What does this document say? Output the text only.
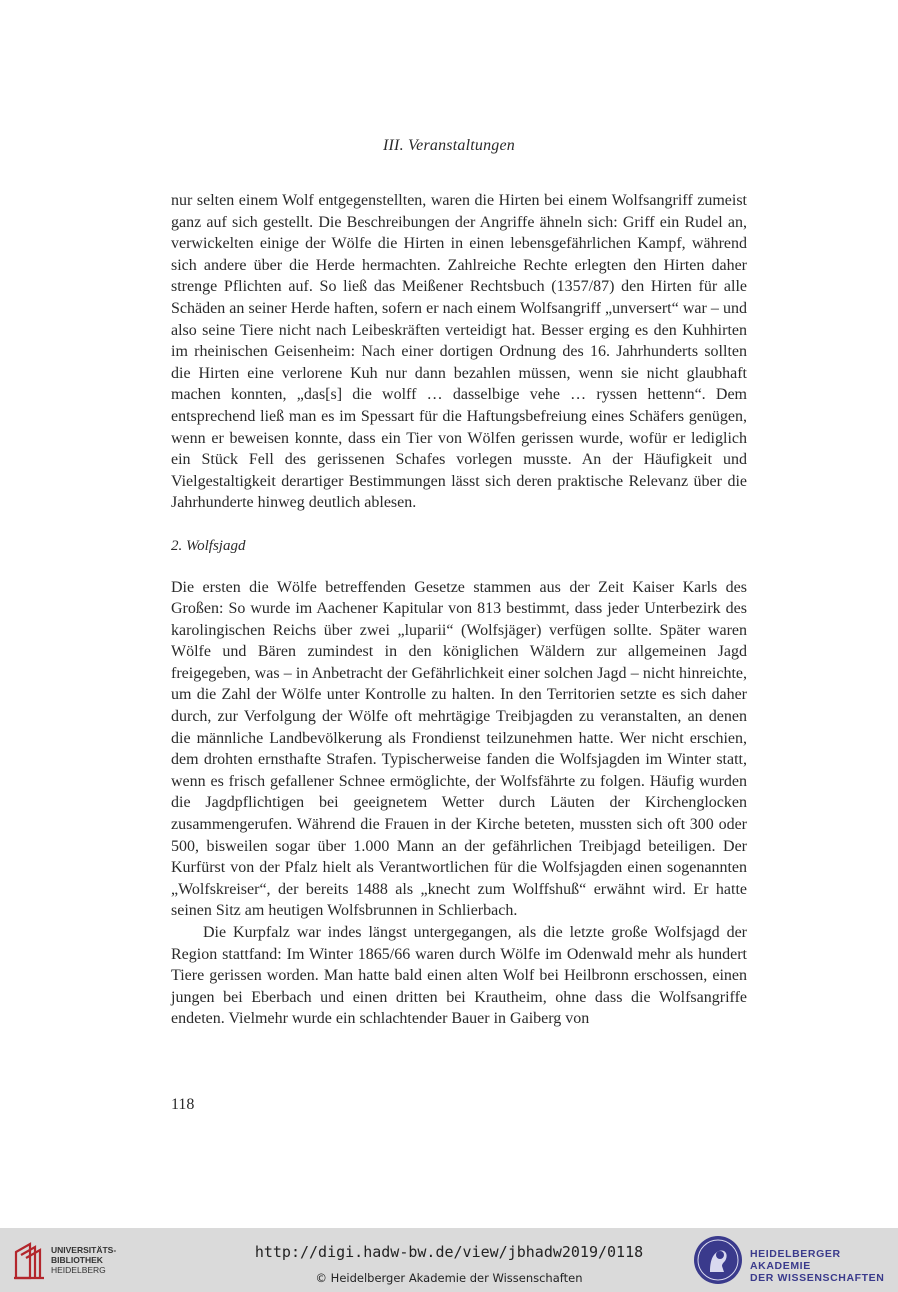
III. Veranstaltungen

nur selten einem Wolf entgegenstellten, waren die Hirten bei einem Wolfsangriff zumeist ganz auf sich gestellt. Die Beschreibungen der Angriffe ähneln sich: Griff ein Rudel an, verwickelten einige der Wölfe die Hirten in einen lebensgefährlichen Kampf, während sich andere über die Herde hermachten. Zahlreiche Rechte erlegten den Hirten daher strenge Pflichten auf. So ließ das Meißener Rechtsbuch (1357/87) den Hirten für alle Schäden an seiner Herde haften, sofern er nach einem Wolfsangriff „unversert“ war – und also seine Tiere nicht nach Leibeskräften verteidigt hat. Besser erging es den Kuhhirten im rheinischen Geisenheim: Nach einer dortigen Ordnung des 16. Jahrhunderts sollten die Hirten eine verlorene Kuh nur dann bezahlen müssen, wenn sie nicht glaubhaft machen konnten, „das[s] die wolff … dasselbige vehe … ryssen hettenn“. Dem entsprechend ließ man es im Spessart für die Haftungsbefreiung eines Schäfers genügen, wenn er beweisen konnte, dass ein Tier von Wölfen gerissen wurde, wofür er lediglich ein Stück Fell des gerissenen Schafes vorlegen musste. An der Häufigkeit und Vielgestaltigkeit derartiger Bestimmungen lässt sich deren praktische Relevanz über die Jahrhunderte hinweg deutlich ablesen.

2. Wolfsjagd

Die ersten die Wölfe betreffenden Gesetze stammen aus der Zeit Kaiser Karls des Großen: So wurde im Aachener Kapitular von 813 bestimmt, dass jeder Unterbezirk des karolingischen Reichs über zwei „luparii“ (Wolfsjäger) verfügen sollte. Später waren Wölfe und Bären zumindest in den königlichen Wäldern zur allgemeinen Jagd freigegeben, was – in Anbetracht der Gefährlichkeit einer solchen Jagd – nicht hinreichte, um die Zahl der Wölfe unter Kontrolle zu halten. In den Territorien setzte es sich daher durch, zur Verfolgung der Wölfe oft mehrtägige Treibjagden zu veranstalten, an denen die männliche Landbevölkerung als Frondienst teilzunehmen hatte. Wer nicht erschien, dem drohten ernsthafte Strafen. Typischerweise fanden die Wolfsjagden im Winter statt, wenn es frisch gefallener Schnee ermöglichte, der Wolfsfährte zu folgen. Häufig wurden die Jagdpflichtigen bei geeignetem Wetter durch Läuten der Kirchenglocken zusammengerufen. Während die Frauen in der Kirche beteten, mussten sich oft 300 oder 500, bisweilen sogar über 1.000 Mann an der gefährlichen Treibjagd beteiligen. Der Kurfürst von der Pfalz hielt als Verantwortlichen für die Wolfsjagden einen sogenannten „Wolfskreiser“, der bereits 1488 als „knecht zum Wolffshuß“ erwähnt wird. Er hatte seinen Sitz am heutigen Wolfsbrunnen in Schlierbach.

Die Kurpfalz war indes längst untergegangen, als die letzte große Wolfsjagd der Region stattfand: Im Winter 1865/66 waren durch Wölfe im Odenwald mehr als hundert Tiere gerissen worden. Man hatte bald einen alten Wolf bei Heilbronn erschossen, einen jungen bei Eberbach und einen dritten bei Krautheim, ohne dass die Wolfsangriffe endeten. Vielmehr wurde ein schlachtender Bauer in Gaiberg von

118
UNIVERSITÄTS-
BIBLIOTHEK
HEIDELBERG
http://digi.hadw-bw.de/view/jbhadw2019/0118
© Heidelberger Akademie der Wissenschaften
HEIDELBERGER AKADEMIE
DER WISSENSCHAFTEN
